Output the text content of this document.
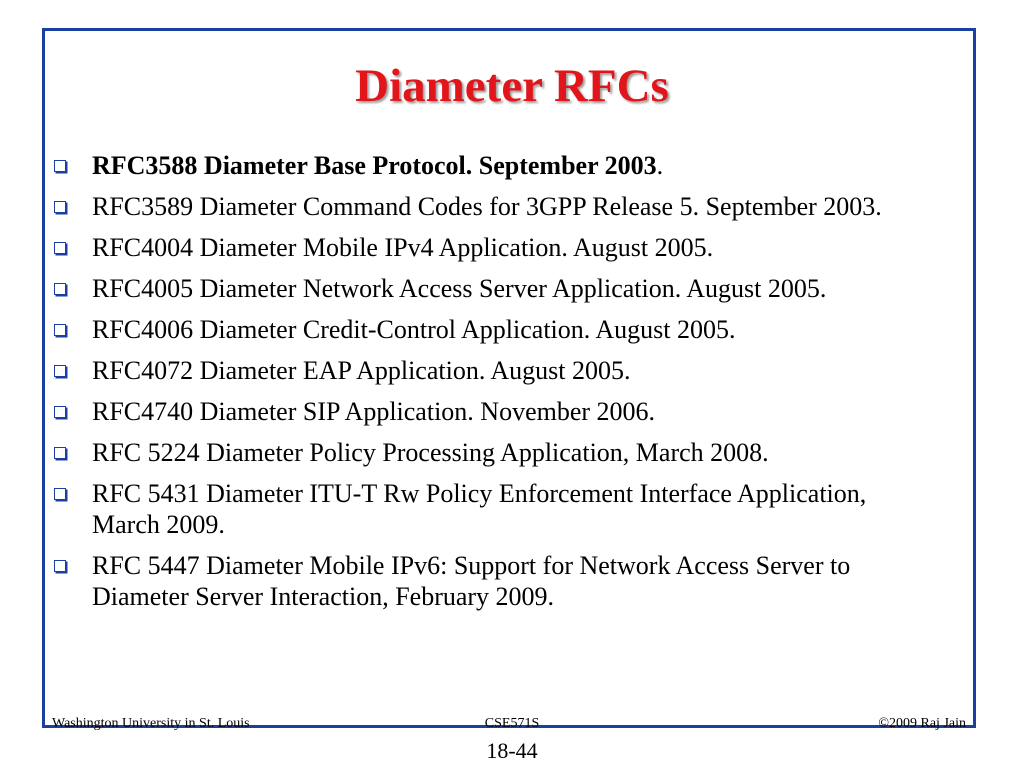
Diameter RFCs
RFC3588 Diameter Base Protocol. September 2003.
RFC3589 Diameter Command Codes for 3GPP Release 5. September 2003.
RFC4004 Diameter Mobile IPv4 Application. August 2005.
RFC4005 Diameter Network Access Server Application. August 2005.
RFC4006 Diameter Credit-Control Application. August 2005.
RFC4072 Diameter EAP Application. August 2005.
RFC4740 Diameter SIP Application. November 2006.
RFC 5224 Diameter Policy Processing Application, March 2008.
RFC 5431 Diameter ITU-T Rw Policy Enforcement Interface Application, March 2009.
RFC 5447 Diameter Mobile IPv6: Support for Network Access Server to Diameter Server Interaction, February 2009.
Washington University in St. Louis	CSE571S	©2009 Raj Jain
18-44
